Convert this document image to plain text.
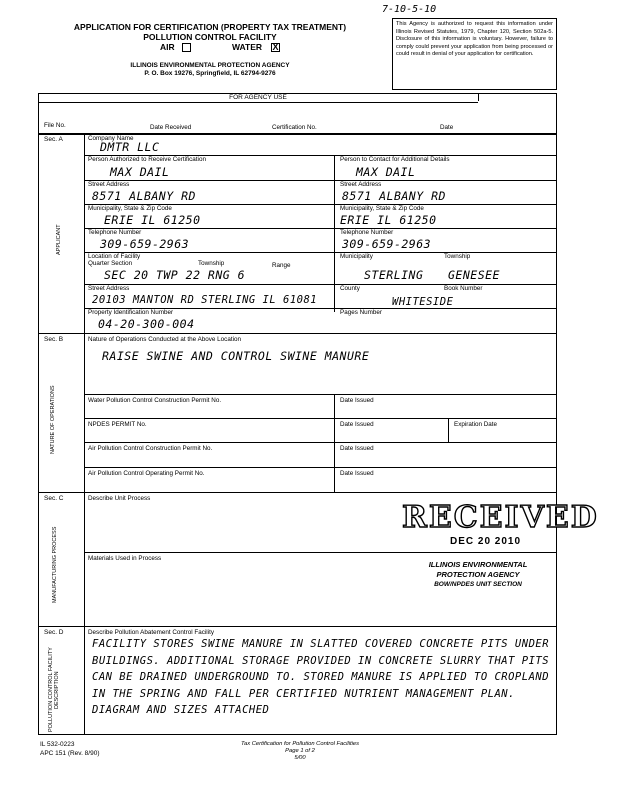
APPLICATION FOR CERTIFICATION (PROPERTY TAX TREATMENT)
POLLUTION CONTROL FACILITY
AIR	WATER X
ILLINOIS ENVIRONMENTAL PROTECTION AGENCY
P. O. Box 19276, Springfield, IL 62794-9276
7-10-5-10
This Agency is authorized to request this information under Illinois Revised Statutes, 1979, Chapter 120, Section 502a-5. Disclosure of this information is voluntary. However, failure to comply could prevent your application from being processed or could result in denial of your application for certification.
FOR AGENCY USE
File No.	Date Received	Certification No.	Date
Sec. A
APPLICANT
Company Name
DMTR LLC
Person Authorized to Receive Certification	Person to Contact for Additional Details
MAX DAIL	MAX DAIL
Street Address	Street Address
8571 ALBANY RD	8571 ALBANY RD
Municipality, State & Zip Code	Municipality, State & Zip Code
ERIE IL 61250	ERIE IL 61250
Telephone Number	Telephone Number
309-659-2963	309-659-2963
Location of Facility
Quarter Section	Township	Range
Municipality	Township
SEC 20 TWP 22 RNG 6	STERLING GENESEE
Street Address	County	Book Number
20103 MANTON RD STERLING IL 61081	WHITESIDE
Property Identification Number	Pages Number
04-20-300-004
Sec. B
NATURE OF OPERATIONS
Nature of Operations Conducted at the Above Location
RAISE SWINE AND CONTROL SWINE MANURE
Water Pollution Control Construction Permit No.	Date Issued
NPDES PERMIT No.	Date Issued	Expiration Date
Air Pollution Control Construction Permit No.	Date Issued
Air Pollution Control Operating Permit No.	Date Issued
Sec. C
MANUFACTURING PROCESS
Describe Unit Process
Materials Used in Process
RECEIVED
DEC 20 2010
ILLINOIS ENVIRONMENTAL
PROTECTION AGENCY
BOW/NPDES UNIT SECTION
Sec. D
POLLUTION CONTROL FACILITY DESCRIPTION
Describe Pollution Abatement Control Facility
FACILITY STORES SWINE MANURE IN SLATTED COVERED CONCRETE PITS UNDER BUILDINGS. ADDITIONAL STORAGE PROVIDED IN CONCRETE SLURRY THAT PITS CAN BE DRAINED UNDERGROUND TO. STORED MANURE IS APPLIED TO CROPLAND IN THE SPRING AND FALL PER CERTIFIED NUTRIENT MANAGEMENT PLAN. DIAGRAM AND SIZES ATTACHED
IL 532-0223
APC 151 (Rev. 8/90)
Tax Certification for Pollution Control Facilities
Page 1 of 2
5/00
